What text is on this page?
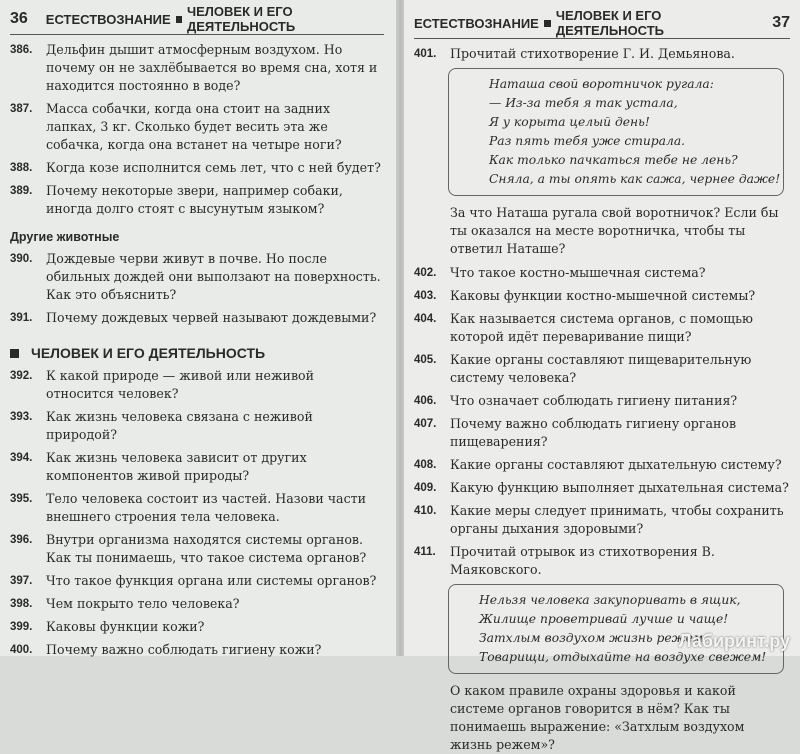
36 ЕСТЕСТВОЗНАНИЕ ЧЕЛОВЕК И ЕГО ДЕЯТЕЛЬНОСТЬ
386.	Дельфин дышит атмосферным воздухом. Но почему он не захлёбывается во время сна, хотя и находится постоянно в воде?
387.	Масса собачки, когда она стоит на задних лапках, 3 кг. Сколько будет весить эта же собачка, когда она встанет на четыре ноги?
388.	Когда козе исполнится семь лет, что с ней будет?
389.	Почему некоторые звери, например собаки, иногда долго стоят с высунутым языком?
Другие животные
390.	Дождевые черви живут в почве. Но после обильных дождей они выползают на поверхность. Как это объяснить?
391.	Почему дождевых червей называют дождевыми?
ЧЕЛОВЕК И ЕГО ДЕЯТЕЛЬНОСТЬ
392.	К какой природе — живой или неживой относится человек?
393.	Как жизнь человека связана с неживой природой?
394.	Как жизнь человека зависит от других компонентов живой природы?
395.	Тело человека состоит из частей. Назови части внешнего строения тела человека.
396.	Внутри организма находятся системы органов. Как ты понимаешь, что такое система органов?
397.	Что такое функция органа или системы органов?
398.	Чем покрыто тело человека?
399.	Каковы функции кожи?
400.	Почему важно соблюдать гигиену кожи?
ЕСТЕСТВОЗНАНИЕ ЧЕЛОВЕК И ЕГО ДЕЯТЕЛЬНОСТЬ	37
401.	Прочитай стихотворение Г. И. Демьянова.
Наташа свой воротничок ругала:
— Из-за тебя я так устала,
Я у корыта целый день!
Раз пять тебя уже стирала.
Как только пачкаться тебе не лень?
Сняла, а ты опять как сажа, чернее даже!
За что Наташа ругала свой воротничок? Если бы ты оказался на месте воротничка, чтобы ты ответил Наташе?
402.	Что такое костно-мышечная система?
403.	Каковы функции костно-мышечной системы?
404.	Как называется система органов, с помощью которой идёт переваривание пищи?
405.	Какие органы составляют пищеварительную систему человека?
406.	Что означает соблюдать гигиену питания?
407.	Почему важно соблюдать гигиену органов пищеварения?
408.	Какие органы составляют дыхательную систему?
409.	Какую функцию выполняет дыхательная система?
410.	Какие меры следует принимать, чтобы сохранить органы дыхания здоровыми?
411.	Прочитай отрывок из стихотворения В. Маяковского.
Нельзя человека закупоривать в ящик,
Жилище проветривай лучше и чаще!
Затхлым воздухом жизнь режем,
Товарищи, отдыхайте на воздухе свежем!
О каком правиле охраны здоровья и какой системе органов говорится в нём? Как ты понимаешь выражение: «Затхлым воздухом жизнь режем»?
Лабиринт.ру
